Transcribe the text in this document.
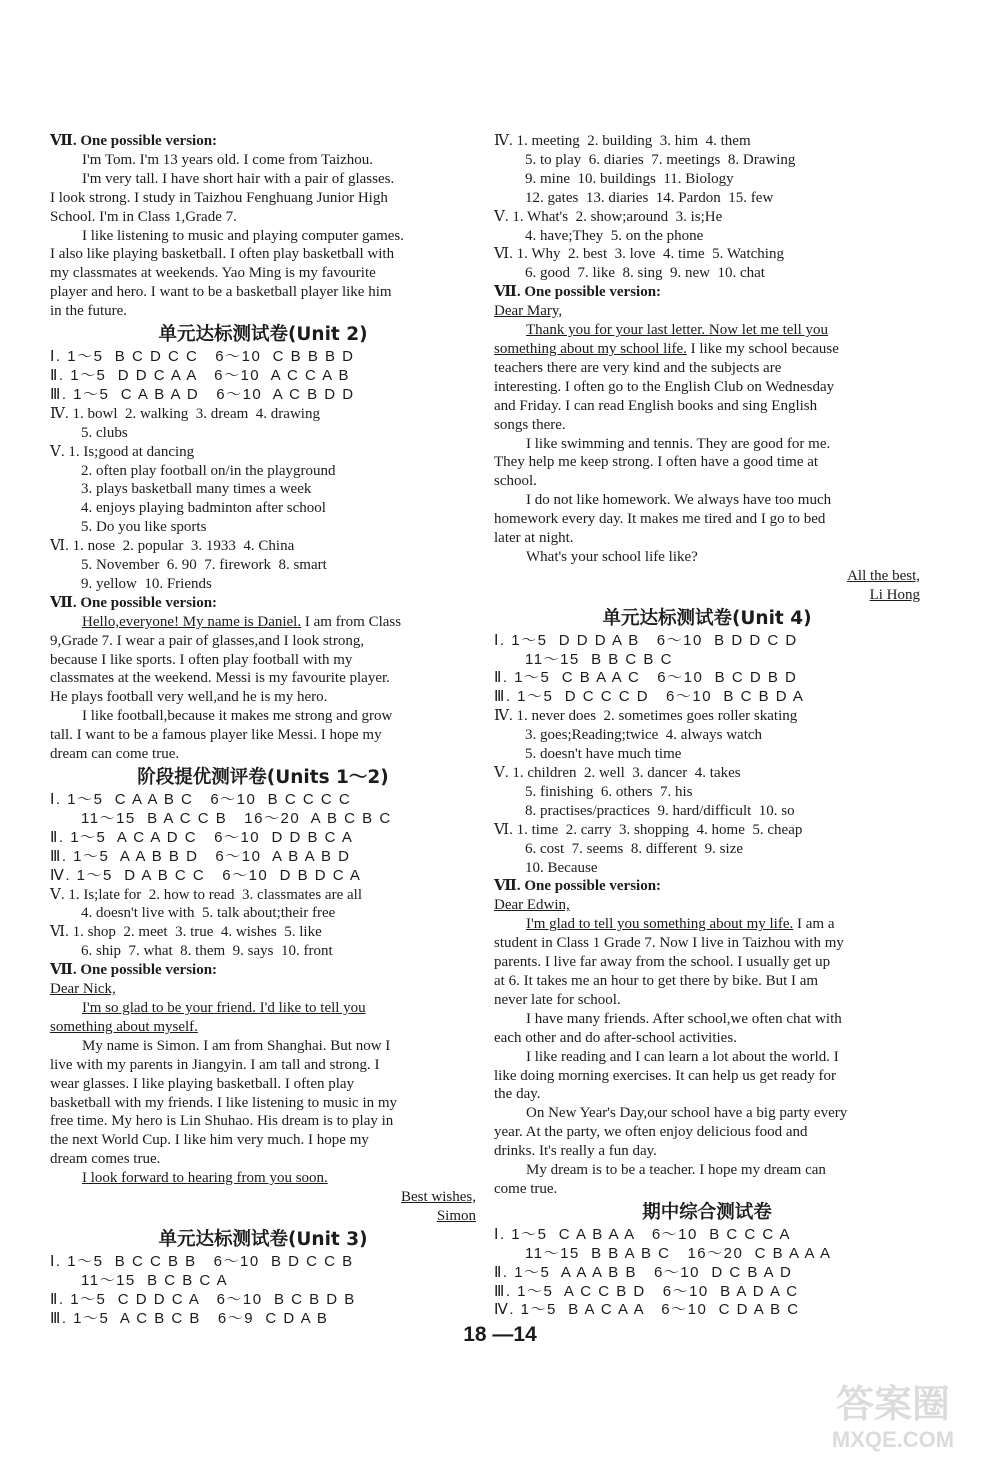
Ⅶ. One possible version:
I'm Tom. I'm 13 years old. I come from Taizhou.
I'm very tall. I have short hair with a pair of glasses.
I look strong. I study in Taizhou Fenghuang Junior High
School. I'm in Class 1,Grade 7.
I like listening to music and playing computer games.
I also like playing basketball. I often play basketball with
my classmates at weekends. Yao Ming is my favourite
player and hero. I want to be a basketball player like him
in the future.
单元达标测试卷(Unit 2)
Ⅰ. 1～5  B C D C C   6～10  C B B B D
Ⅱ. 1～5  D D C A A   6～10  A C C A B
Ⅲ. 1～5  C A B A D   6～10  A C B D D
Ⅳ. 1. bowl  2. walking  3. dream  4. drawing
5. clubs
Ⅴ. 1. Is;good at dancing
2. often play football on/in the playground
3. plays basketball many times a week
4. enjoys playing badminton after school
5. Do you like sports
Ⅵ. 1. nose  2. popular  3. 1933  4. China
5. November  6. 90  7. firework  8. smart
9. yellow  10. Friends
Ⅶ. One possible version:
Hello,everyone! My name is Daniel. I am from Class
9,Grade 7. I wear a pair of glasses,and I look strong,
because I like sports. I often play football with my
classmates at the weekend. Messi is my favourite player.
He plays football very well,and he is my hero.
I like football,because it makes me strong and grow
tall. I want to be a famous player like Messi. I hope my
dream can come true.
阶段提优测评卷(Units 1～2)
Ⅰ. 1～5  C A A B C   6～10  B C C C C
11～15  B A C C B   16～20  A B C B C
Ⅱ. 1～5  A C A D C   6～10  D D B C A
Ⅲ. 1～5  A A B B D   6～10  A B A B D
Ⅳ. 1～5  D A B C C   6～10  D B D C A
Ⅴ. 1. Is;late for  2. how to read  3. classmates are all
4. doesn't live with  5. talk about;their free
Ⅵ. 1. shop  2. meet  3. true  4. wishes  5. like
6. ship  7. what  8. them  9. says  10. front
Ⅶ. One possible version:
Dear Nick,
I'm so glad to be your friend. I'd like to tell you
something about myself.
My name is Simon. I am from Shanghai. But now I
live with my parents in Jiangyin. I am tall and strong. I
wear glasses. I like playing basketball. I often play
basketball with my friends. I like listening to music in my
free time. My hero is Lin Shuhao. His dream is to play in
the next World Cup. I like him very much. I hope my
dream comes true.
I look forward to hearing from you soon.
Best wishes,
Simon
单元达标测试卷(Unit 3)
Ⅰ. 1～5  B C C B B   6～10  B D C C B
11～15  B C B C A
Ⅱ. 1～5  C D D C A   6～10  B C B D B
Ⅲ. 1～5  A C B C B   6～9  C D A B
Ⅳ. 1. meeting  2. building  3. him  4. them
5. to play  6. diaries  7. meetings  8. Drawing
9. mine  10. buildings  11. Biology
12. gates  13. diaries  14. Pardon  15. few
Ⅴ. 1. What's  2. show;around  3. is;He
4. have;They  5. on the phone
Ⅵ. 1. Why  2. best  3. love  4. time  5. Watching
6. good  7. like  8. sing  9. new  10. chat
Ⅶ. One possible version:
Dear Mary,
Thank you for your last letter. Now let me tell you
something about my school life. I like my school because
teachers there are very kind and the subjects are
interesting. I often go to the English Club on Wednesday
and Friday. I can read English books and sing English
songs there.
I like swimming and tennis. They are good for me.
They help me keep strong. I often have a good time at
school.
I do not like homework. We always have too much
homework every day. It makes me tired and I go to bed
later at night.
What's your school life like?
All the best,
Li Hong
单元达标测试卷(Unit 4)
Ⅰ. 1～5  D D D A B   6～10  B D D C D
11～15  B B C B C
Ⅱ. 1～5  C B A A C   6～10  B C D B D
Ⅲ. 1～5  D C C C D   6～10  B C B D A
Ⅳ. 1. never does  2. sometimes goes roller skating
3. goes;Reading;twice  4. always watch
5. doesn't have much time
Ⅴ. 1. children  2. well  3. dancer  4. takes
5. finishing  6. others  7. his
8. practises/practices  9. hard/difficult  10. so
Ⅵ. 1. time  2. carry  3. shopping  4. home  5. cheap
6. cost  7. seems  8. different  9. size
10. Because
Ⅶ. One possible version:
Dear Edwin,
I'm glad to tell you something about my life. I am a
student in Class 1 Grade 7. Now I live in Taizhou with my
parents. I live far away from the school. I usually get up
at 6. It takes me an hour to get there by bike. But I am
never late for school.
I have many friends. After school,we often chat with
each other and do after-school activities.
I like reading and I can learn a lot about the world. I
like doing morning exercises. It can help us get ready for
the day.
On New Year's Day,our school have a big party every
year. At the party, we often enjoy delicious food and
drinks. It's really a fun day.
My dream is to be a teacher. I hope my dream can
come true.
期中综合测试卷
Ⅰ. 1～5  C A B A A   6～10  B C C C A
11～15  B B A B C   16～20  C B A A A
Ⅱ. 1～5  A A A B B   6～10  D C B A D
Ⅲ. 1～5  A C C B D   6～10  B A D A C
Ⅳ. 1～5  B A C A A   6～10  C D A B C
18 —14
答案圈
MXQE.COM
